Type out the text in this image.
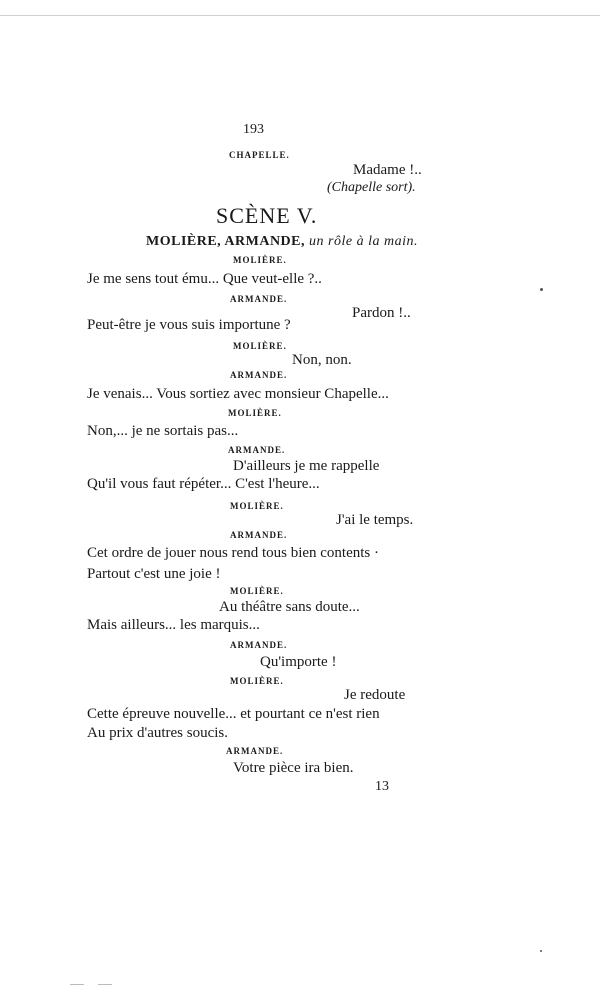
193
CHAPELLE.
Madame !..
(Chapelle sort).
SCÈNE V.
MOLIÈRE, ARMANDE, un rôle à la main.
MOLIÈRE.
Je me sens tout ému... Que veut-elle ?..
ARMANDE.
Pardon !..
Peut-être je vous suis importune ?
MOLIÈRE.
Non, non.
ARMANDE.
Je venais... Vous sortiez avec monsieur Chapelle...
MOLIÈRE.
Non,... je ne sortais pas...
ARMANDE.
D'ailleurs je me rappelle
Qu'il vous faut répéter... C'est l'heure...
MOLIÈRE.
J'ai le temps.
ARMANDE.
Cet ordre de jouer nous rend tous bien contents ·
Partout c'est une joie !
MOLIÈRE.
Au théâtre sans doute...
Mais ailleurs... les marquis...
ARMANDE.
Qu'importe !
MOLIÈRE.
Je redoute
Cette épreuve nouvelle... et pourtant ce n'est rien
Au prix d'autres soucis.
ARMANDE.
Votre pièce ira bien.
13
